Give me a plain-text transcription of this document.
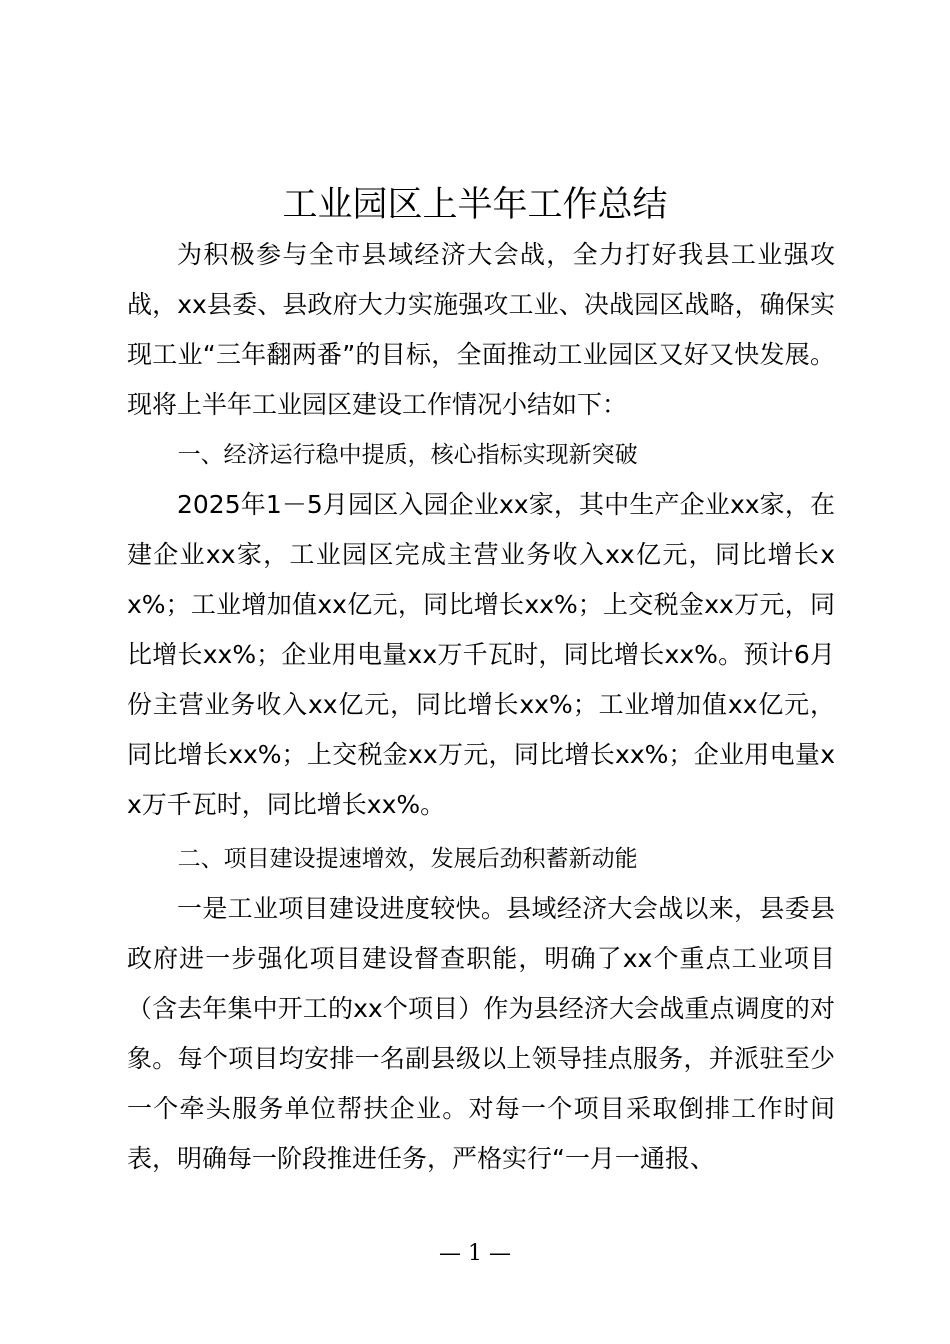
工业园区上半年工作总结

为积极参与全市县域经济大会战，全力打好我县工业强攻战，xx县委、县政府大力实施强攻工业、决战园区战略，确保实现工业“三年翻两番”的目标，全面推动工业园区又好又快发展。现将上半年工业园区建设工作情况小结如下：

一、经济运行稳中提质，核心指标实现新突破

2025年1－5月园区入园企业xx家，其中生产企业xx家，在建企业xx家，工业园区完成主营业务收入xx亿元，同比增长xx%；工业增加值xx亿元，同比增长xx%；上交税金xx万元，同比增长xx%；企业用电量xx万千瓦时，同比增长xx%。预计6月份主营业务收入xx亿元，同比增长xx%；工业增加值xx亿元，同比增长xx%；上交税金xx万元，同比增长xx%；企业用电量xx万千瓦时，同比增长xx%。

二、项目建设提速增效，发展后劲积蓄新动能

一是工业项目建设进度较快。县域经济大会战以来，县委县政府进一步强化项目建设督查职能，明确了xx个重点工业项目（含去年集中开工的xx个项目）作为县经济大会战重点调度的对象。每个项目均安排一名副县级以上领导挂点服务，并派驻至少一个牵头服务单位帮扶企业。对每一个项目采取倒排工作时间表，明确每一阶段推进任务，严格实行“一月一通报、

— 1 —
